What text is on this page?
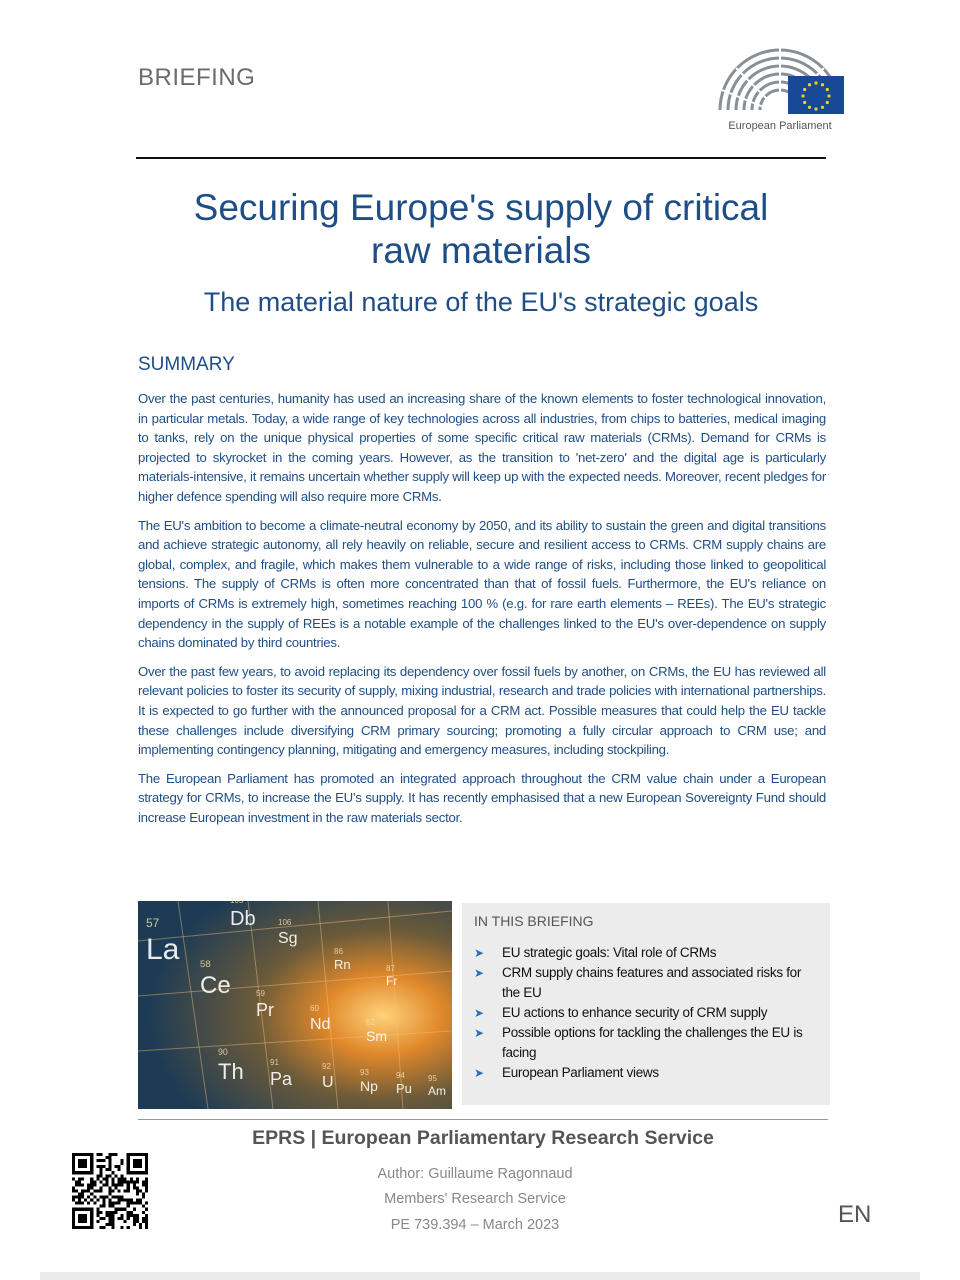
BRIEFING
European Parliament
Securing Europe's supply of critical
raw materials
The material nature of the EU's strategic goals
SUMMARY

Over the past centuries, humanity has used an increasing share of the known elements to foster technological innovation, in particular metals. Today, a wide range of key technologies across all industries, from chips to batteries, medical imaging to tanks, rely on the unique physical properties of some specific critical raw materials (CRMs). Demand for CRMs is projected to skyrocket in the coming years. However, as the transition to 'net-zero' and the digital age is particularly materials-intensive, it remains uncertain whether supply will keep up with the expected needs. Moreover, recent pledges for higher defence spending will also require more CRMs.

The EU's ambition to become a climate-neutral economy by 2050, and its ability to sustain the green and digital transitions and achieve strategic autonomy, all rely heavily on reliable, secure and resilient access to CRMs. CRM supply chains are global, complex, and fragile, which makes them vulnerable to a wide range of risks, including those linked to geopolitical tensions. The supply of CRMs is often more concentrated than that of fossil fuels. Furthermore, the EU's reliance on imports of CRMs is extremely high, sometimes reaching 100 % (e.g. for rare earth elements – REEs). The EU's strategic dependency in the supply of REEs is a notable example of the challenges linked to the EU's over-dependence on supply chains dominated by third countries.

Over the past few years, to avoid replacing its dependency over fossil fuels by another, on CRMs, the EU has reviewed all relevant policies to foster its security of supply, mixing industrial, research and trade policies with international partnerships. It is expected to go further with the announced proposal for a CRM act. Possible measures that could help the EU tackle these challenges include diversifying CRM primary sourcing; promoting a fully circular approach to CRM use; and implementing contingency planning, mitigating and emergency measures, including stockpiling.

The European Parliament has promoted an integrated approach throughout the CRM value chain under a European strategy for CRMs, to increase the EU's supply. It has recently emphasised that a new European Sovereignty Fund should increase European investment in the raw materials sector.

57
La 58
Ce	59
Pr	60
Nd	62
Sm
90
Th	91
Pa
92
U
93
Np
94
Pu
95
Am
105
Db	106
Sg
86
Rn	87
Fr
IN THIS BRIEFING
➤ EU strategic goals: Vital role of CRMs
➤ CRM supply chains features and associated risks for the EU
➤ EU actions to enhance security of CRM supply
➤ Possible options for tackling the challenges the EU is facing
➤ European Parliament views
EPRS | European Parliamentary Research Service
Author: Guillaume Ragonnaud
Members' Research Service
PE 739.394 – March 2023	EN
